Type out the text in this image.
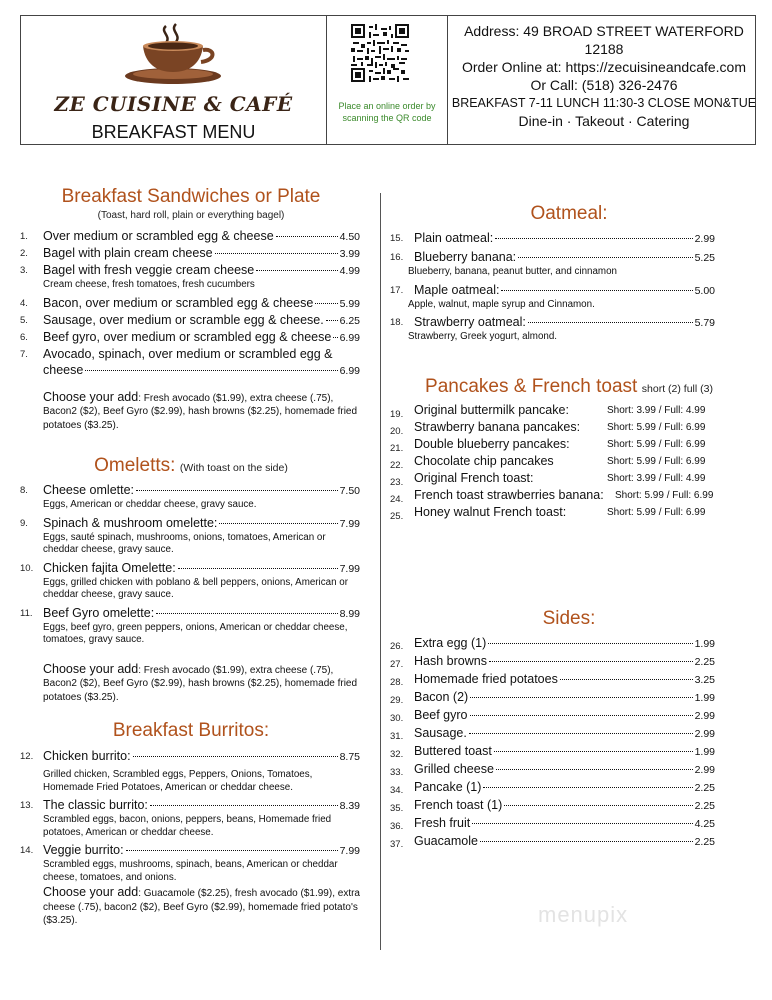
ZE CUISINE & CAFÉ
BREAKFAST MENU
Place an online order by scanning the QR code
Address: 49 BROAD STREET WATERFORD 12188
Order Online at: https://zecuisineandcafe.com
Or Call: (518) 326-2476
BREAKFAST 7-11 LUNCH 11:30-3 CLOSE MON&TUE
Dine-in · Takeout · Catering
Breakfast Sandwiches or Plate
(Toast, hard roll, plain or everything bagel)
1. Over medium or scrambled egg & cheese	4.50
2. Bagel with plain cream cheese	3.99
3. Bagel with fresh veggie cream cheese	4.99
Cream cheese, fresh tomatoes, fresh cucumbers
4. Bacon, over medium or scrambled egg & cheese	5.99
5. Sausage, over medium or scramble egg & cheese. 6.25
6. Beef gyro, over medium or scrambled egg & cheese 6.99
7. Avocado, spinach, over medium or scrambled egg &
cheese	6.99
Choose your add: Fresh avocado ($1.99), extra cheese (.75), Bacon2 ($2), Beef Gyro ($2.99), hash browns ($2.25), homemade fried potatoes ($3.25).
Omeletts: (With toast on the side)
8. Cheese omlette:	7.50
Eggs, American or cheddar cheese, gravy sauce.
9. Spinach & mushroom omelette:	7.99
Eggs, sauté spinach, mushrooms, onions, tomatoes, American or cheddar cheese, gravy sauce.
10. Chicken fajita Omelette:	7.99
Eggs, grilled chicken with poblano & bell peppers, onions, American or cheddar cheese, gravy sauce.
11. Beef Gyro omelette:	8.99
Eggs, beef gyro, green peppers, onions, American or cheddar cheese, tomatoes, gravy sauce.
Choose your add: Fresh avocado ($1.99), extra cheese (.75), Bacon2 ($2), Beef Gyro ($2.99), hash browns ($2.25), homemade fried potatoes ($3.25).
Breakfast Burritos:
12. Chicken burrito:	8.75
Grilled chicken, Scrambled eggs, Peppers, Onions, Tomatoes, Homemade Fried Potatoes, American or cheddar cheese.
13. The classic burrito:	8.39
Scrambled eggs, bacon, onions, peppers, beans, Homemade fried potatoes, American or cheddar cheese.
14. Veggie burrito:	7.99
Scrambled eggs, mushrooms, spinach, beans, American or cheddar cheese, tomatoes, and onions.
Choose your add: Guacamole ($2.25), fresh avocado ($1.99), extra cheese (.75), bacon2 ($2), Beef Gyro ($2.99), homemade fried potato's ($3.25).
Oatmeal:
15. Plain oatmeal:	2.99
16. Blueberry banana:	5.25
Blueberry, banana, peanut butter, and cinnamon
17. Maple oatmeal:	5.00
Apple, walnut, maple syrup and Cinnamon.
18. Strawberry oatmeal:	5.79
Strawberry, Greek yogurt, almond.
Pancakes & French toast short (2) full (3)
19. Original buttermilk pancake:	Short: 3.99 / Full: 4.99
20. Strawberry banana pancakes:	Short: 5.99 / Full: 6.99
21. Double blueberry pancakes:	Short: 5.99 / Full: 6.99
22. Chocolate chip pancakes	Short: 5.99 / Full: 6.99
23. Original French toast:	Short: 3.99 / Full: 4.99
24. French toast strawberries banana: Short: 5.99 / Full: 6.99
25. Honey walnut French toast:	Short: 5.99 / Full: 6.99
Sides:
26. Extra egg (1)	1.99
27. Hash browns	2.25
28. Homemade fried potatoes	3.25
29. Bacon (2)	1.99
30. Beef gyro	2.99
31. Sausage.	2.99
32. Buttered toast	1.99
33. Grilled cheese	2.99
34. Pancake (1)	2.25
35. French toast (1)	2.25
36. Fresh fruit	4.25
37. Guacamole	2.25
menupix
